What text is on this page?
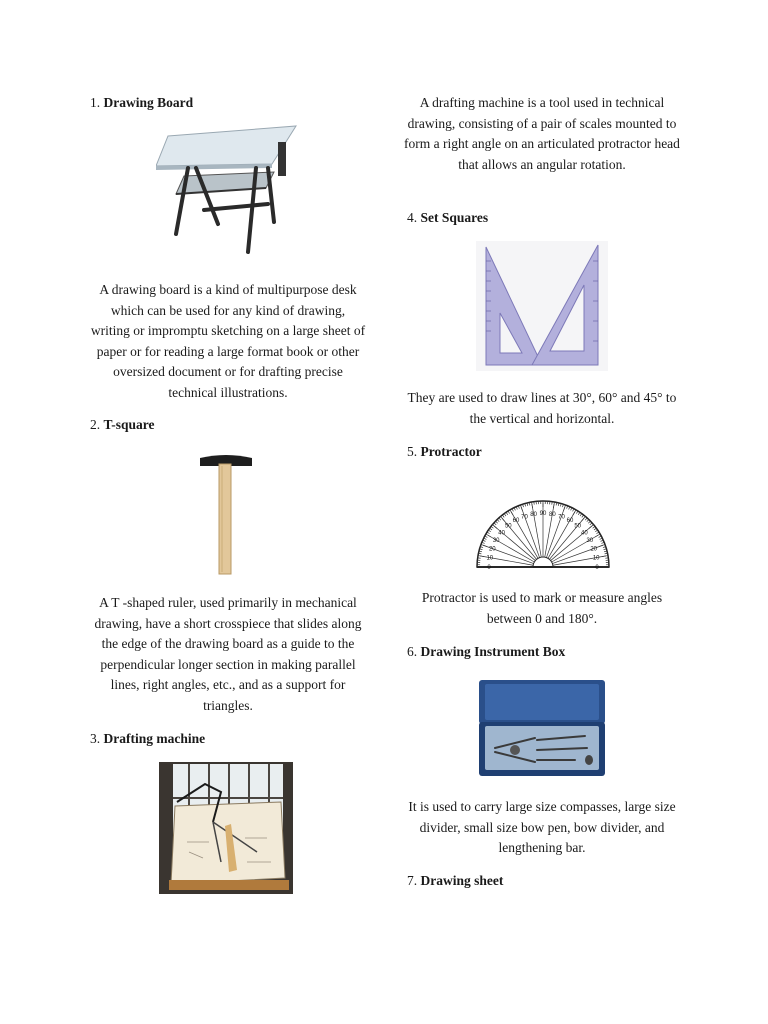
1. Drawing Board
A drawing board is a kind of multipurpose desk which can be used for any kind of drawing, writing or impromptu sketching on a large sheet of paper or for reading a large format book or other oversized document or for drafting precise technical illustrations.
2. T-square
A T -shaped ruler, used primarily in mechanical drawing, have a short crosspiece that slides along the edge of the drawing board as a guide to the perpendicular longer section in making parallel lines, right angles, etc., and as a support for triangles.
3. Drafting machine
A drafting machine is a tool used in technical drawing, consisting of a pair of scales mounted to form a right angle on an articulated protractor head that allows an angular rotation.
4. Set Squares
They are used to draw lines at 30°, 60° and 45° to the vertical and horizontal.
5. Protractor
0
0
10
10
20
20
30
30
40
40
50
50
60
60
70
70	80
80 90
Protractor is used to mark or measure angles between 0 and 180°.
6. Drawing Instrument Box
It is used to carry large size compasses, large size divider, small size bow pen, bow divider, and lengthening bar.
7. Drawing sheet
